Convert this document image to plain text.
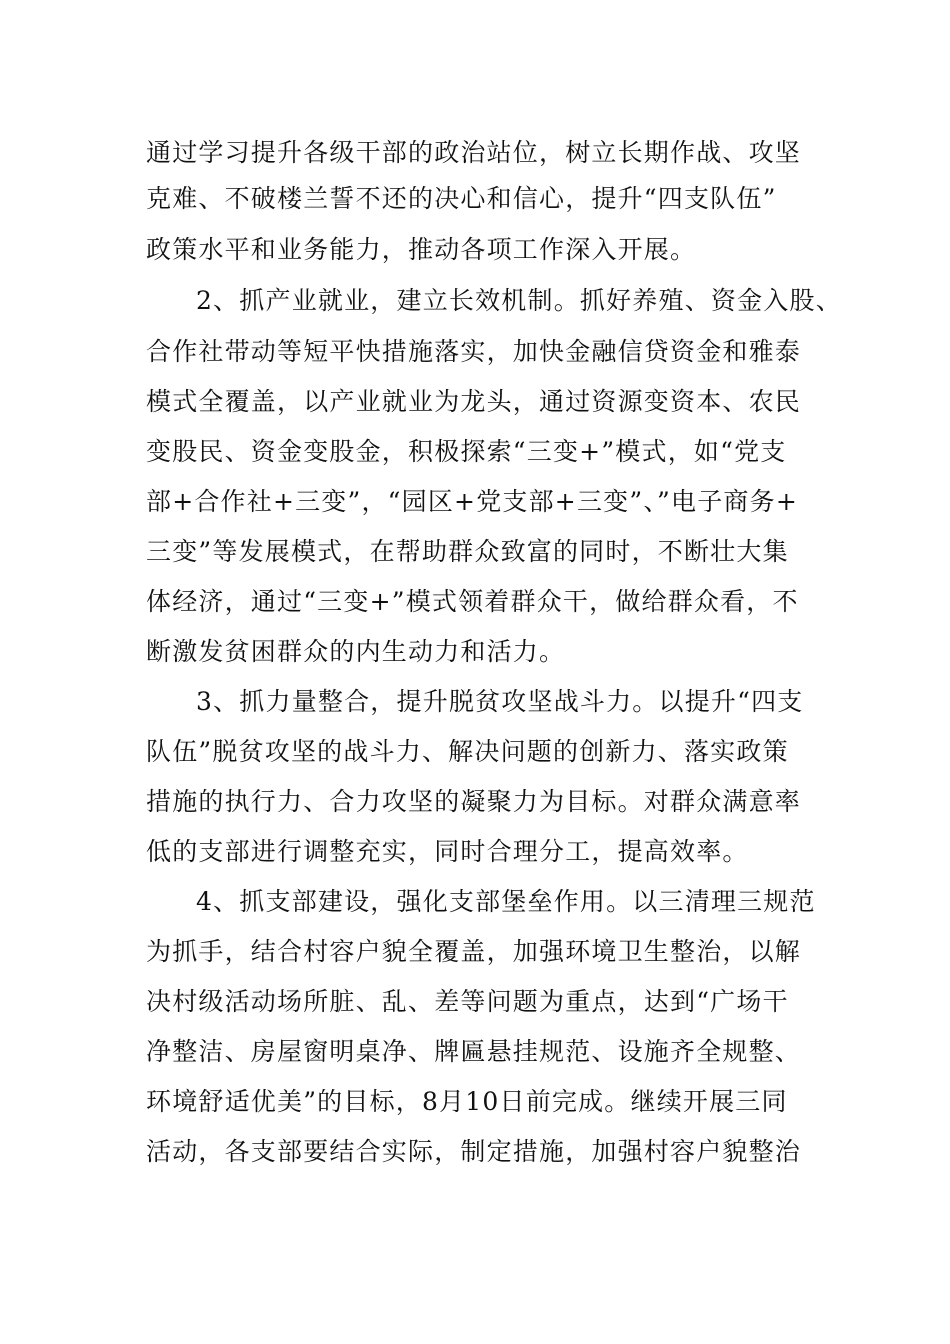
通过学习提升各级干部的政治站位，树立长期作战、攻坚
克难、不破楼兰誓不还的决心和信心，提升“四支队伍”
政策水平和业务能力，推动各项工作深入开展。
2、抓产业就业，建立长效机制。抓好养殖、资金入股、
合作社带动等短平快措施落实，加快金融信贷资金和雅泰
模式全覆盖，以产业就业为龙头，通过资源变资本、农民
变股民、资金变股金，积极探索“三变+”模式，如“党支
部+合作社+三变”，“园区+党支部+三变”、”电子商务+
三变”等发展模式，在帮助群众致富的同时，不断壮大集
体经济，通过“三变+”模式领着群众干，做给群众看，不
断激发贫困群众的内生动力和活力。
3、抓力量整合，提升脱贫攻坚战斗力。以提升“四支
队伍”脱贫攻坚的战斗力、解决问题的创新力、落实政策
措施的执行力、合力攻坚的凝聚力为目标。对群众满意率
低的支部进行调整充实，同时合理分工，提高效率。
4、抓支部建设，强化支部堡垒作用。以三清理三规范
为抓手，结合村容户貌全覆盖，加强环境卫生整治，以解
决村级活动场所脏、乱、差等问题为重点，达到“广场干
净整洁、房屋窗明桌净、牌匾悬挂规范、设施齐全规整、
环境舒适优美”的目标，8月10日前完成。继续开展三同
活动，各支部要结合实际，制定措施，加强村容户貌整治
